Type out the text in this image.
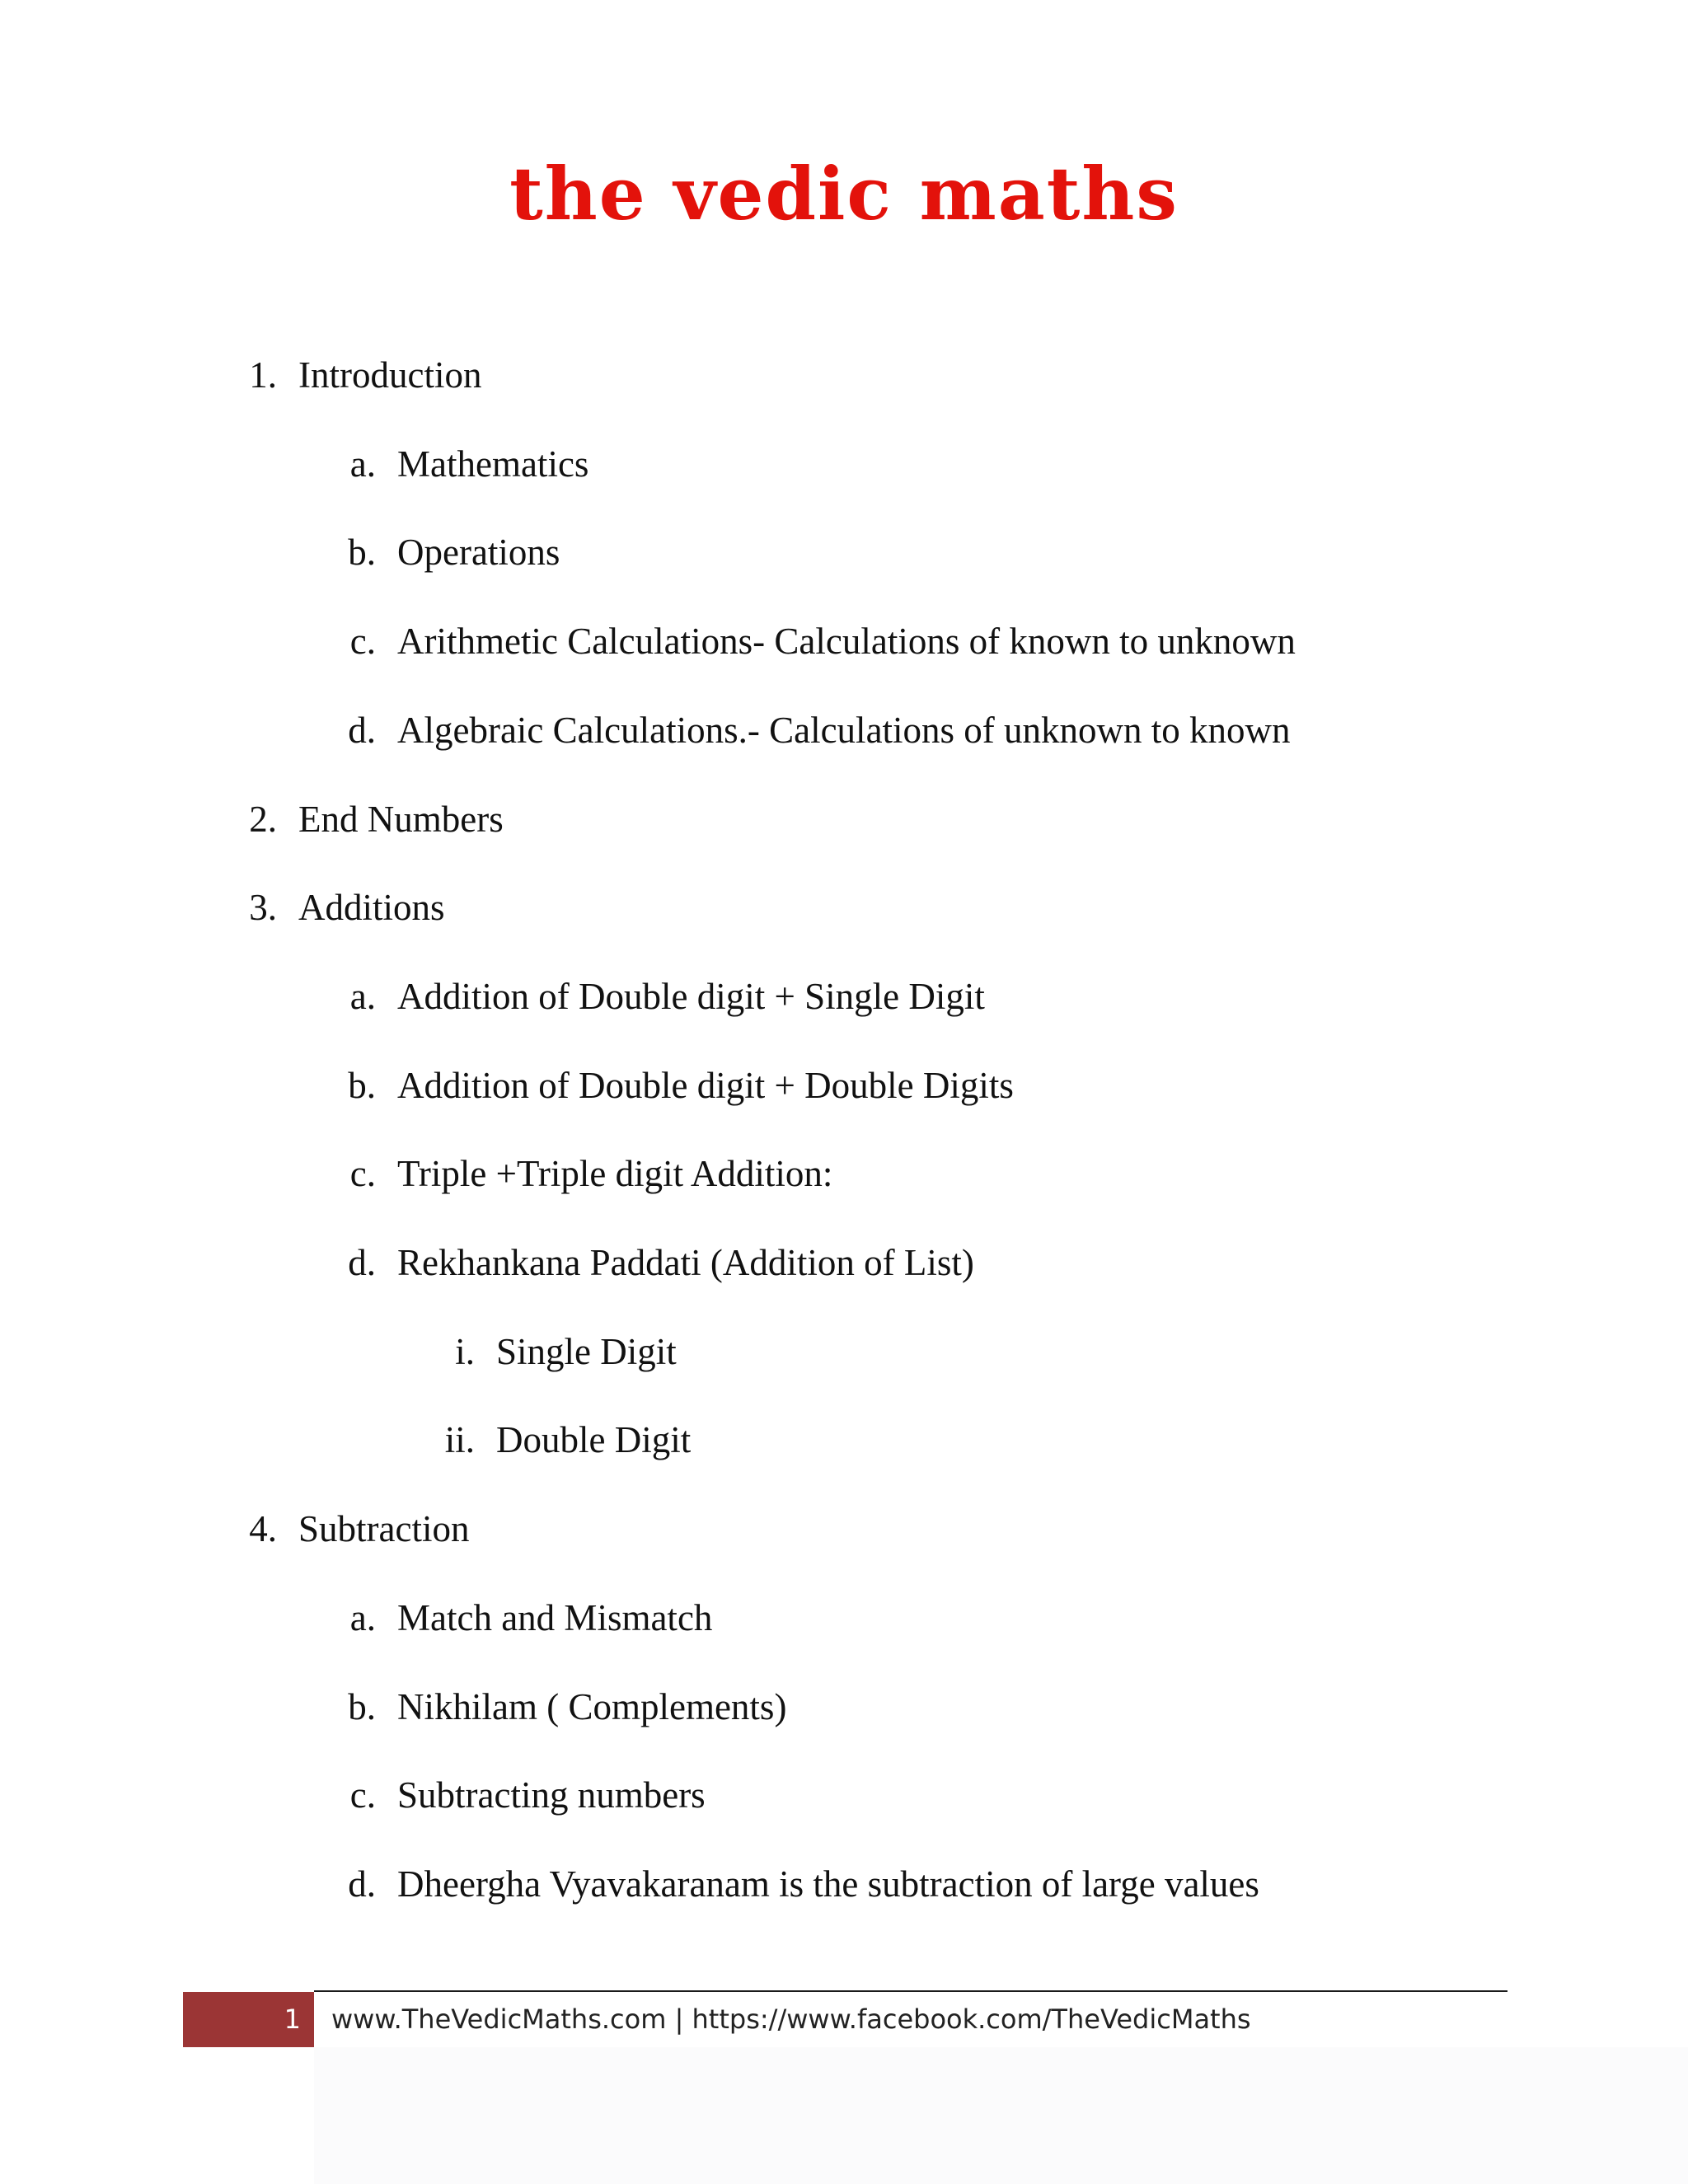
the vedic maths
1. Introduction
a. Mathematics
b. Operations
c. Arithmetic Calculations- Calculations of known to unknown
d. Algebraic Calculations.- Calculations of unknown to known
2. End Numbers
3. Additions
a. Addition of Double digit + Single Digit
b. Addition of Double digit + Double Digits
c. Triple +Triple digit Addition:
d. Rekhankana Paddati (Addition of List)
i. Single Digit
ii. Double Digit
4. Subtraction
a. Match and Mismatch
b. Nikhilam ( Complements)
c. Subtracting numbers
d. Dheergha Vyavakaranam is the subtraction of large values
1	www.TheVedicMaths.com | https://www.facebook.com/TheVedicMaths
